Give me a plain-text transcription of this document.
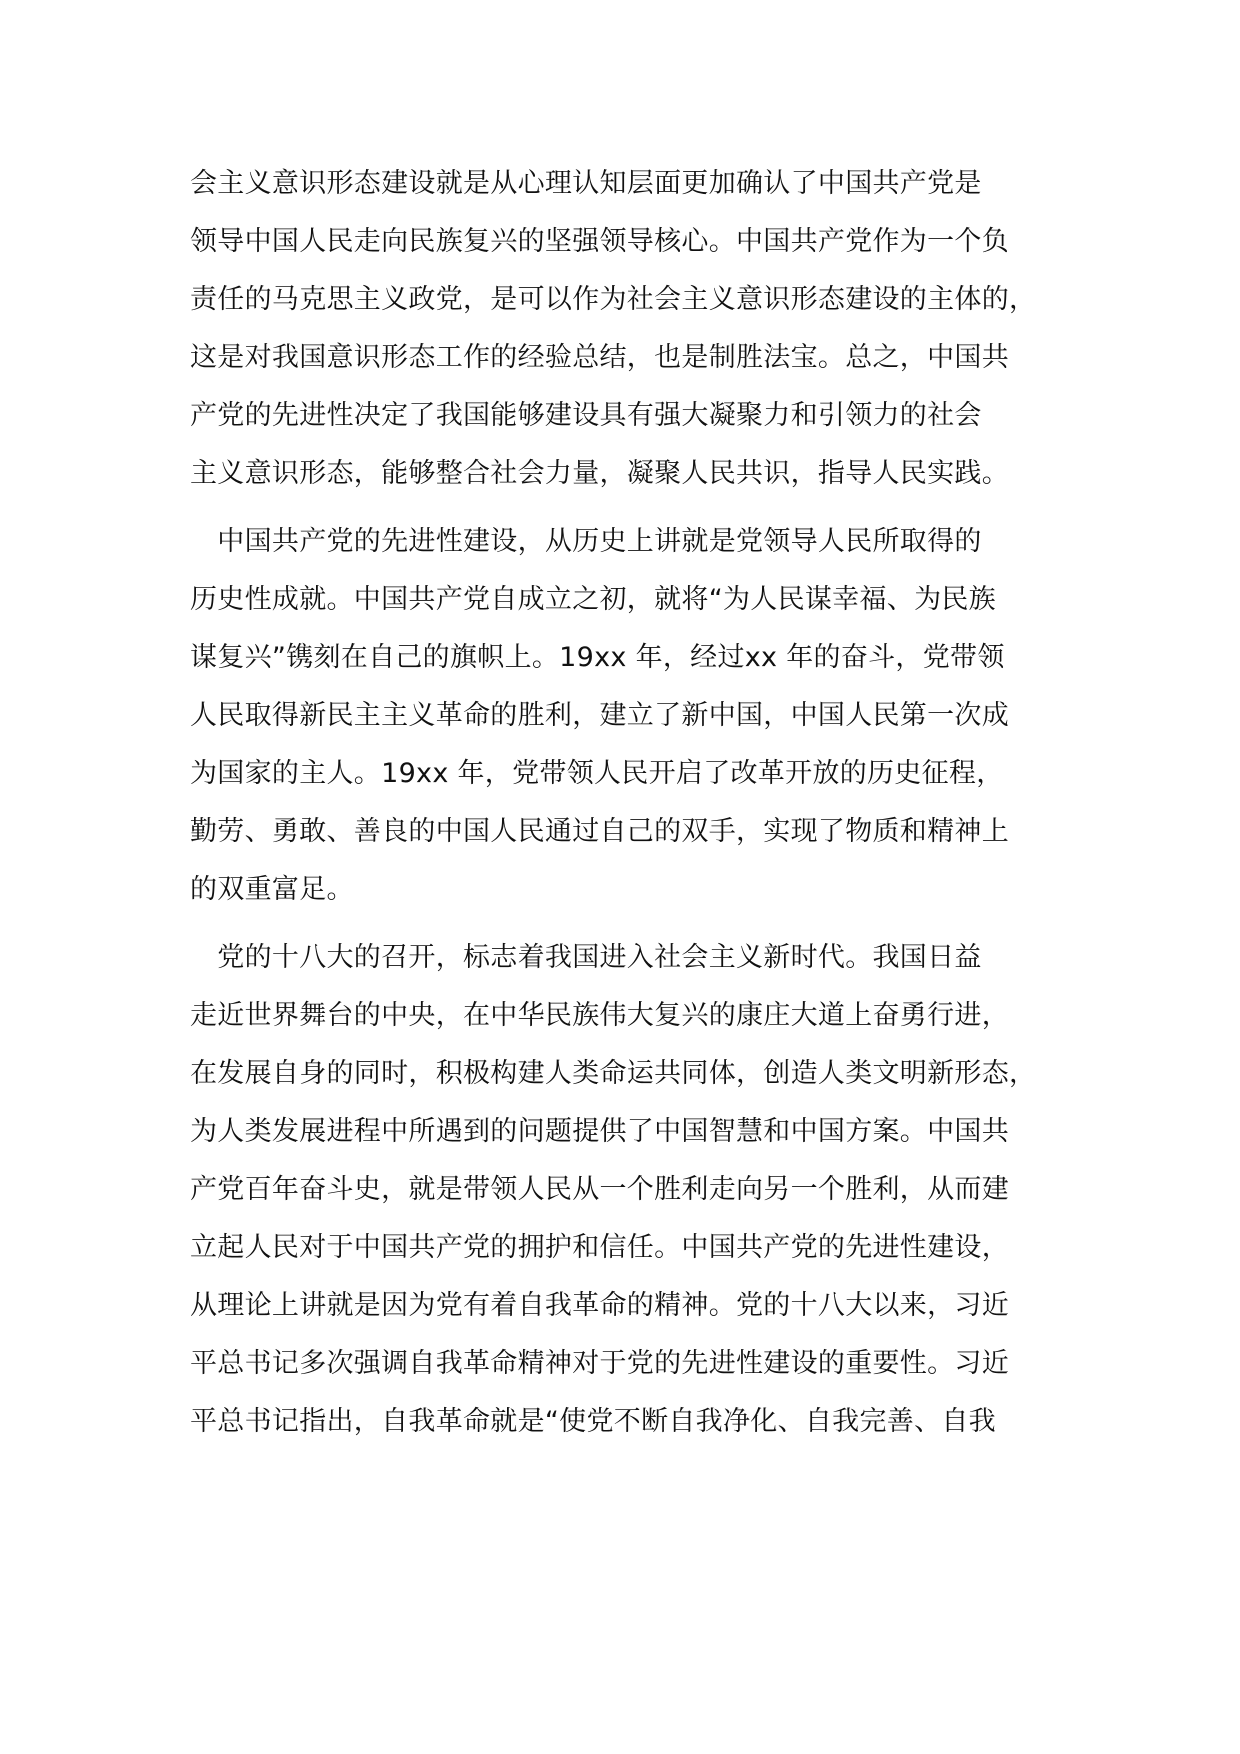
会主义意识形态建设就是从心理认知层面更加确认了中国共产党是
领导中国人民走向民族复兴的坚强领导核心。中国共产党作为一个负
责任的马克思主义政党，是可以作为社会主义意识形态建设的主体的，
这是对我国意识形态工作的经验总结，也是制胜法宝。总之，中国共
产党的先进性决定了我国能够建设具有强大凝聚力和引领力的社会
主义意识形态，能够整合社会力量，凝聚人民共识，指导人民实践。
　中国共产党的先进性建设，从历史上讲就是党领导人民所取得的
历史性成就。中国共产党自成立之初，就将“为人民谋幸福、为民族
谋复兴”镌刻在自己的旗帜上。19xx 年，经过xx 年的奋斗，党带领
人民取得新民主主义革命的胜利，建立了新中国，中国人民第一次成
为国家的主人。19xx 年，党带领人民开启了改革开放的历史征程，
勤劳、勇敢、善良的中国人民通过自己的双手，实现了物质和精神上
的双重富足。
　党的十八大的召开，标志着我国进入社会主义新时代。我国日益
走近世界舞台的中央，在中华民族伟大复兴的康庄大道上奋勇行进，
在发展自身的同时，积极构建人类命运共同体，创造人类文明新形态，
为人类发展进程中所遇到的问题提供了中国智慧和中国方案。中国共
产党百年奋斗史，就是带领人民从一个胜利走向另一个胜利，从而建
立起人民对于中国共产党的拥护和信任。中国共产党的先进性建设，
从理论上讲就是因为党有着自我革命的精神。党的十八大以来，习近
平总书记多次强调自我革命精神对于党的先进性建设的重要性。习近
平总书记指出，自我革命就是“使党不断自我净化、自我完善、自我
